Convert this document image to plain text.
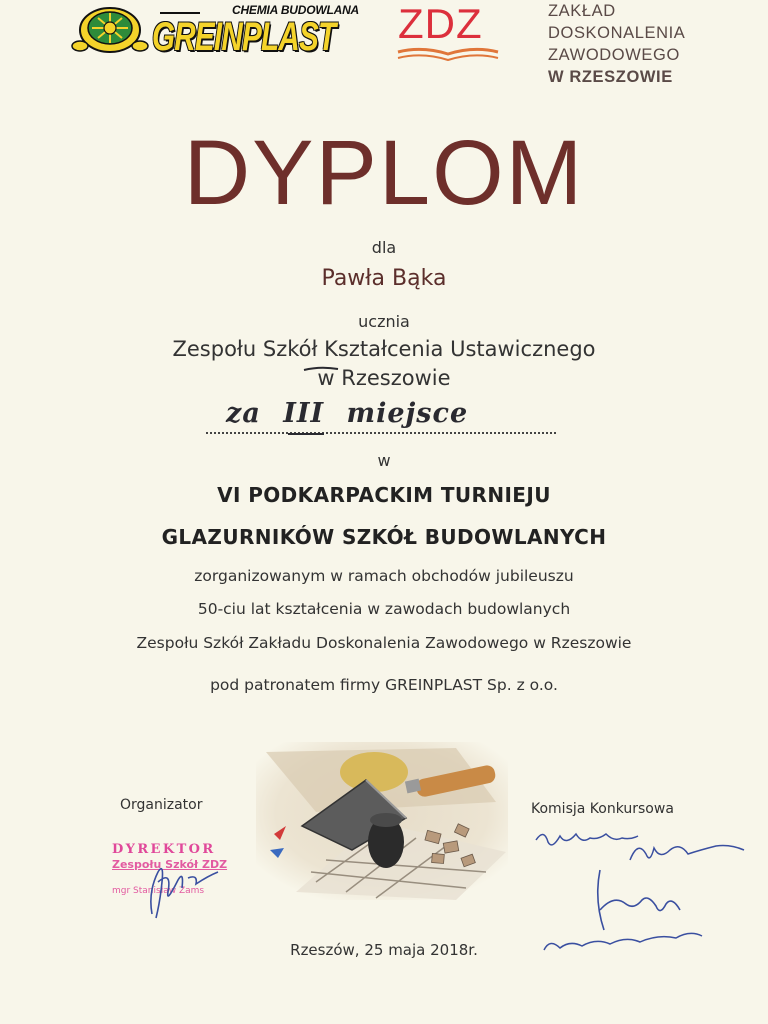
CHEMIA BUDOWLANA
GREINPLAST ZDZ	ZAKŁAD
DOSKONALENIA
ZAWODOWEGO
W RZESZOWIE
DYPLOM
dla
Pawła Bąka
ucznia
Zespołu Szkół Kształcenia Ustawicznego
w Rzeszowie
za III miejsce
w
VI PODKARPACKIM TURNIEJU
GLAZURNIKÓW SZKÓŁ BUDOWLANYCH
zorganizowanym w ramach obchodów jubileuszu
50-ciu lat kształcenia w zawodach budowlanych
Zespołu Szkół Zakładu Doskonalenia Zawodowego w Rzeszowie
pod patronatem firmy GREINPLAST Sp. z o.o.
Organizator	Komisja Konkursowa
DYREKTOR
Zespołu Szkół ZDZ
mgr Stanisław Zams
Rzeszów, 25 maja 2018r.
